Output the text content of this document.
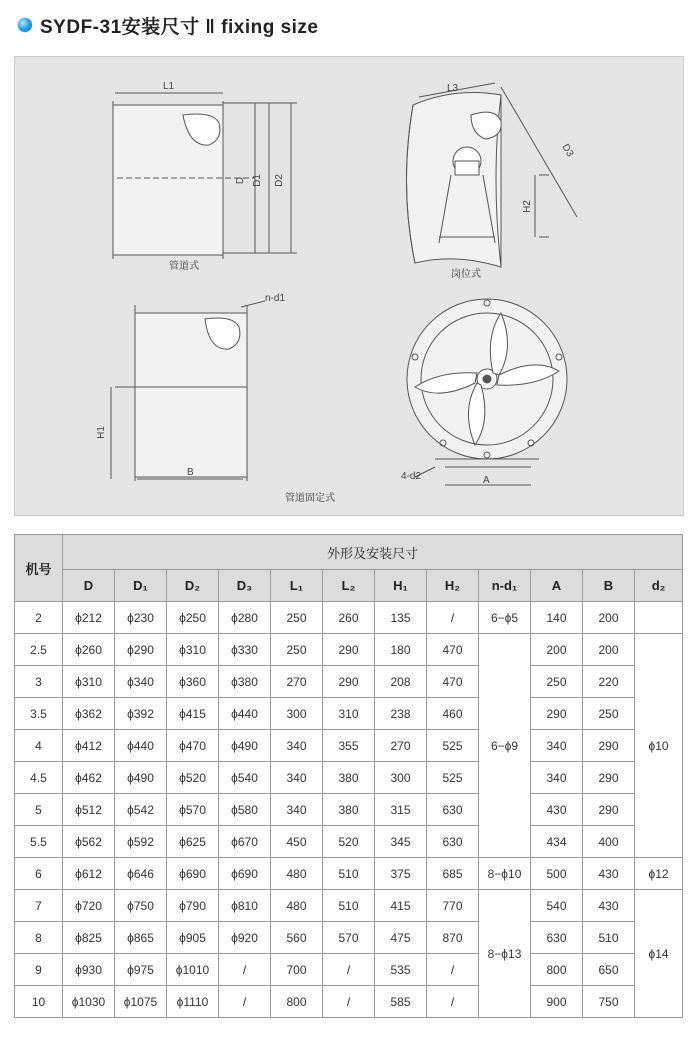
SYDF-31安装尺寸 ‖ fixing size
L1
D D1 D2
管道式
L3
D3
H2
岗位式
n-d1
H1
B
管道固定式
4-d2	A
机号	外形及安装尺寸											
	D	D₁	D₂	D₃	L₁	L₂	H₁	H₂	n-d₁	A	B	d₂
2	ϕ212	ϕ230	ϕ250	ϕ280	250	260	135	/	6−ϕ5	140	200	
2.5	ϕ260	ϕ290	ϕ310	ϕ330	250	290	180	470	6−ϕ9	200	200	ϕ10
3	ϕ310	ϕ340	ϕ360	ϕ380	270	290	208	470		250	220	
3.5	ϕ362	ϕ392	ϕ415	ϕ440	300	310	238	460		290	250	
4	ϕ412	ϕ440	ϕ470	ϕ490	340	355	270	525		340	290	
4.5	ϕ462	ϕ490	ϕ520	ϕ540	340	380	300	525		340	290	
5	ϕ512	ϕ542	ϕ570	ϕ580	340	380	315	630		430	290	
5.5	ϕ562	ϕ592	ϕ625	ϕ670	450	520	345	630		434	400	
6	ϕ612	ϕ646	ϕ690	ϕ690	480	510	375	685	8−ϕ10	500	430	ϕ12
7	ϕ720	ϕ750	ϕ790	ϕ810	480	510	415	770	8−ϕ13	540	430	ϕ14
8	ϕ825	ϕ865	ϕ905	ϕ920	560	570	475	870		630	510	
9	ϕ930	ϕ975	ϕ1010	/	700	/	535	/		800	650	
10	ϕ1030	ϕ1075	ϕ1110	/	800	/	585	/		900	750	
